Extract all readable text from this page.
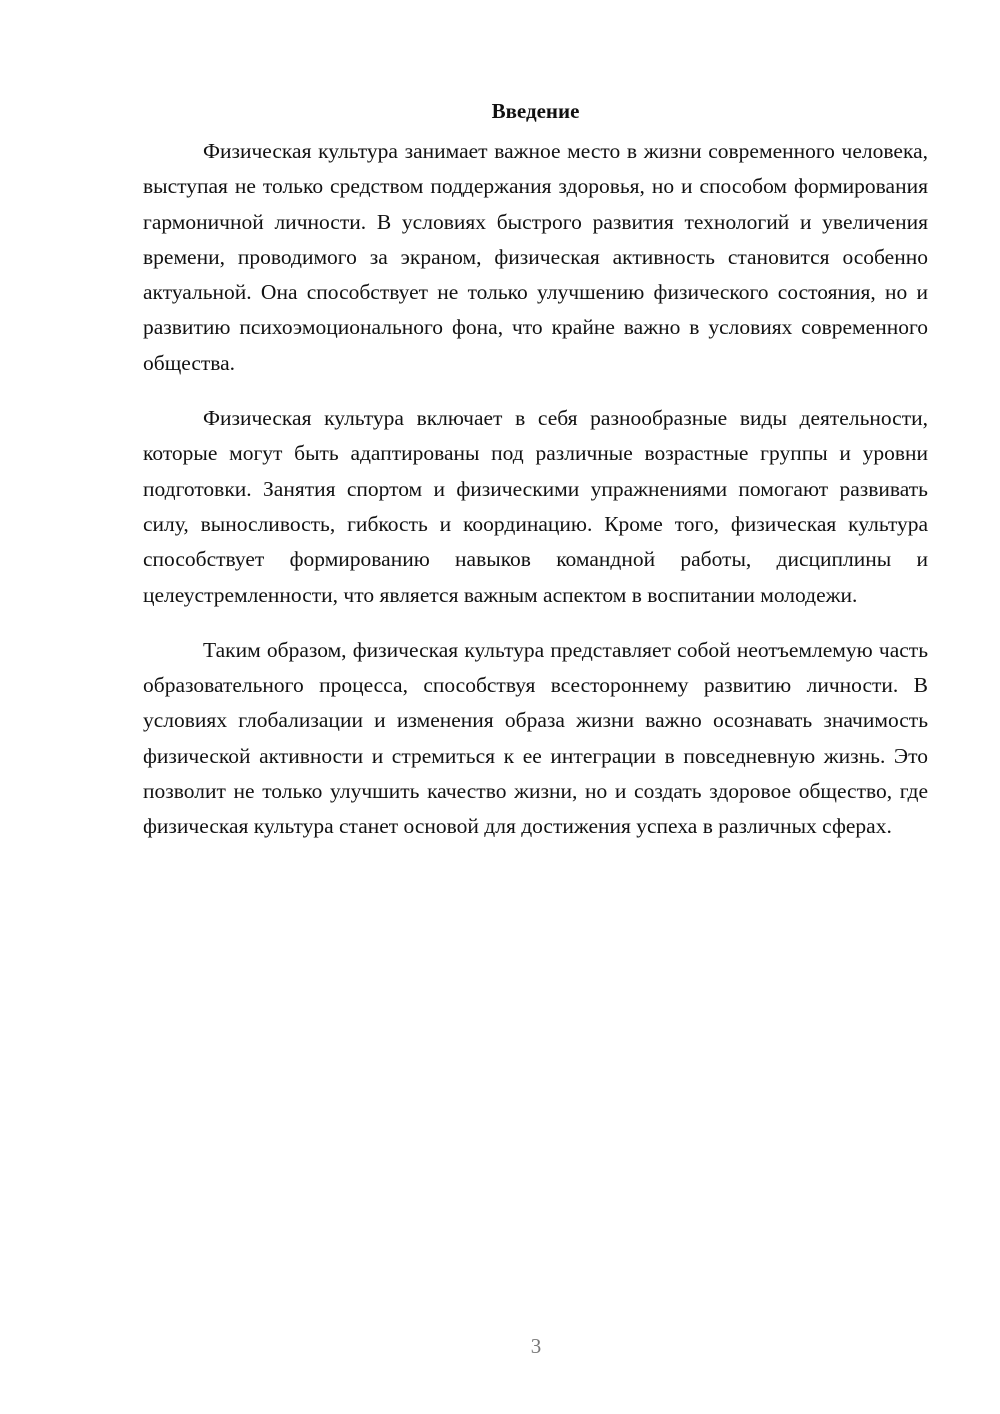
Введение

Физическая культура занимает важное место в жизни современного человека, выступая не только средством поддержания здоровья, но и способом формирования гармоничной личности. В условиях быстрого развития технологий и увеличения времени, проводимого за экраном, физическая активность становится особенно актуальной. Она способствует не только улучшению физического состояния, но и развитию психоэмоционального фона, что крайне важно в условиях современного общества.

Физическая культура включает в себя разнообразные виды деятельности, которые могут быть адаптированы под различные возрастные группы и уровни подготовки. Занятия спортом и физическими упражнениями помогают развивать силу, выносливость, гибкость и координацию. Кроме того, физическая культура способствует формированию навыков командной работы, дисциплины и целеустремленности, что является важным аспектом в воспитании молодежи.

Таким образом, физическая культура представляет собой неотъемлемую часть образовательного процесса, способствуя всестороннему развитию личности. В условиях глобализации и изменения образа жизни важно осознавать значимость физической активности и стремиться к ее интеграции в повседневную жизнь. Это позволит не только улучшить качество жизни, но и создать здоровое общество, где физическая культура станет основой для достижения успеха в различных сферах.

3
